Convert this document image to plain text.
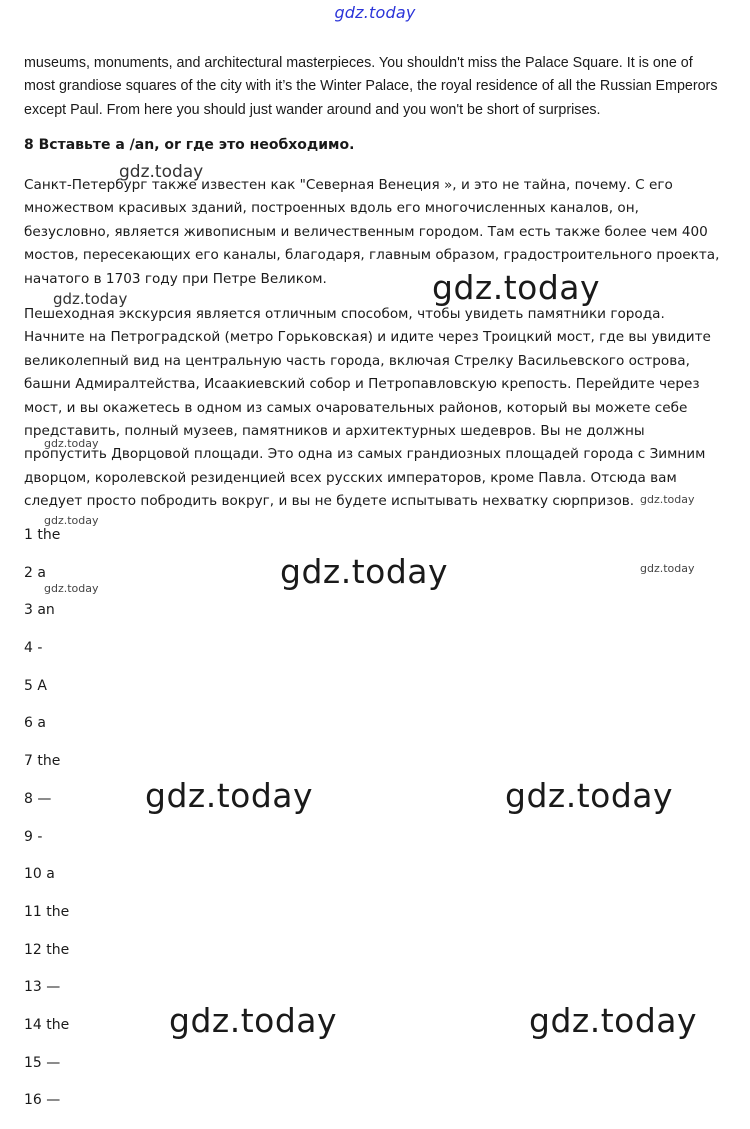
gdz.today

museums, monuments, and architectural masterpieces. You shouldn't miss the Palace Square. It is one of most grandiose squares of the city with it’s the Winter Palace, the royal residence of all the Russian Emperors except Paul. From here you should just wander around and you won't be short of surprises.

8 Вставьте a /an, or где это необходимо.

Санкт-Петербург также известен как "Северная Венеция », и это не тайна, почему. С его множеством красивых зданий, построенных вдоль его многочисленных каналов, он, безусловно, является живописным и величественным городом. Там есть также более чем 400 мостов, пересекающих его каналы, благодаря, главным образом, градостроительного проекта, начатого в 1703 году при Петре Великом.

Пешеходная экскурсия является отличным способом, чтобы увидеть памятники города. Начните на Петроградской (метро Горьковская) и идите через Троицкий мост, где вы увидите великолепный вид на центральную часть города, включая Стрелку Васильевского острова, башни Адмиралтейства, Исаакиевский собор и Петропавловскую крепость. Перейдите через мост, и вы окажетесь в одном из самых очаровательных районов, который вы можете себе представить, полный музеев, памятников и архитектурных шедевров. Вы не должны пропустить Дворцовой площади. Это одна из самых грандиозных площадей города с Зимним дворцом, королевской резиденцией всех русских императоров, кроме Павла. Отсюда вам следует просто побродить вокруг, и вы не будете испытывать нехватку сюрпризов.

1 the
2 a
3 an
4 -
5 A
6 a
7 the
8 —
9 -
10 a
11 the
12 the
13 —
14 the
15 —
16 —
gdz.today
gdz.today
gdz.today
gdz.today
gdz.today
gdz.today
gdz.today	gdz.today
gdz.today
gdz.today	gdz.today
gdz.today	gdz.today
